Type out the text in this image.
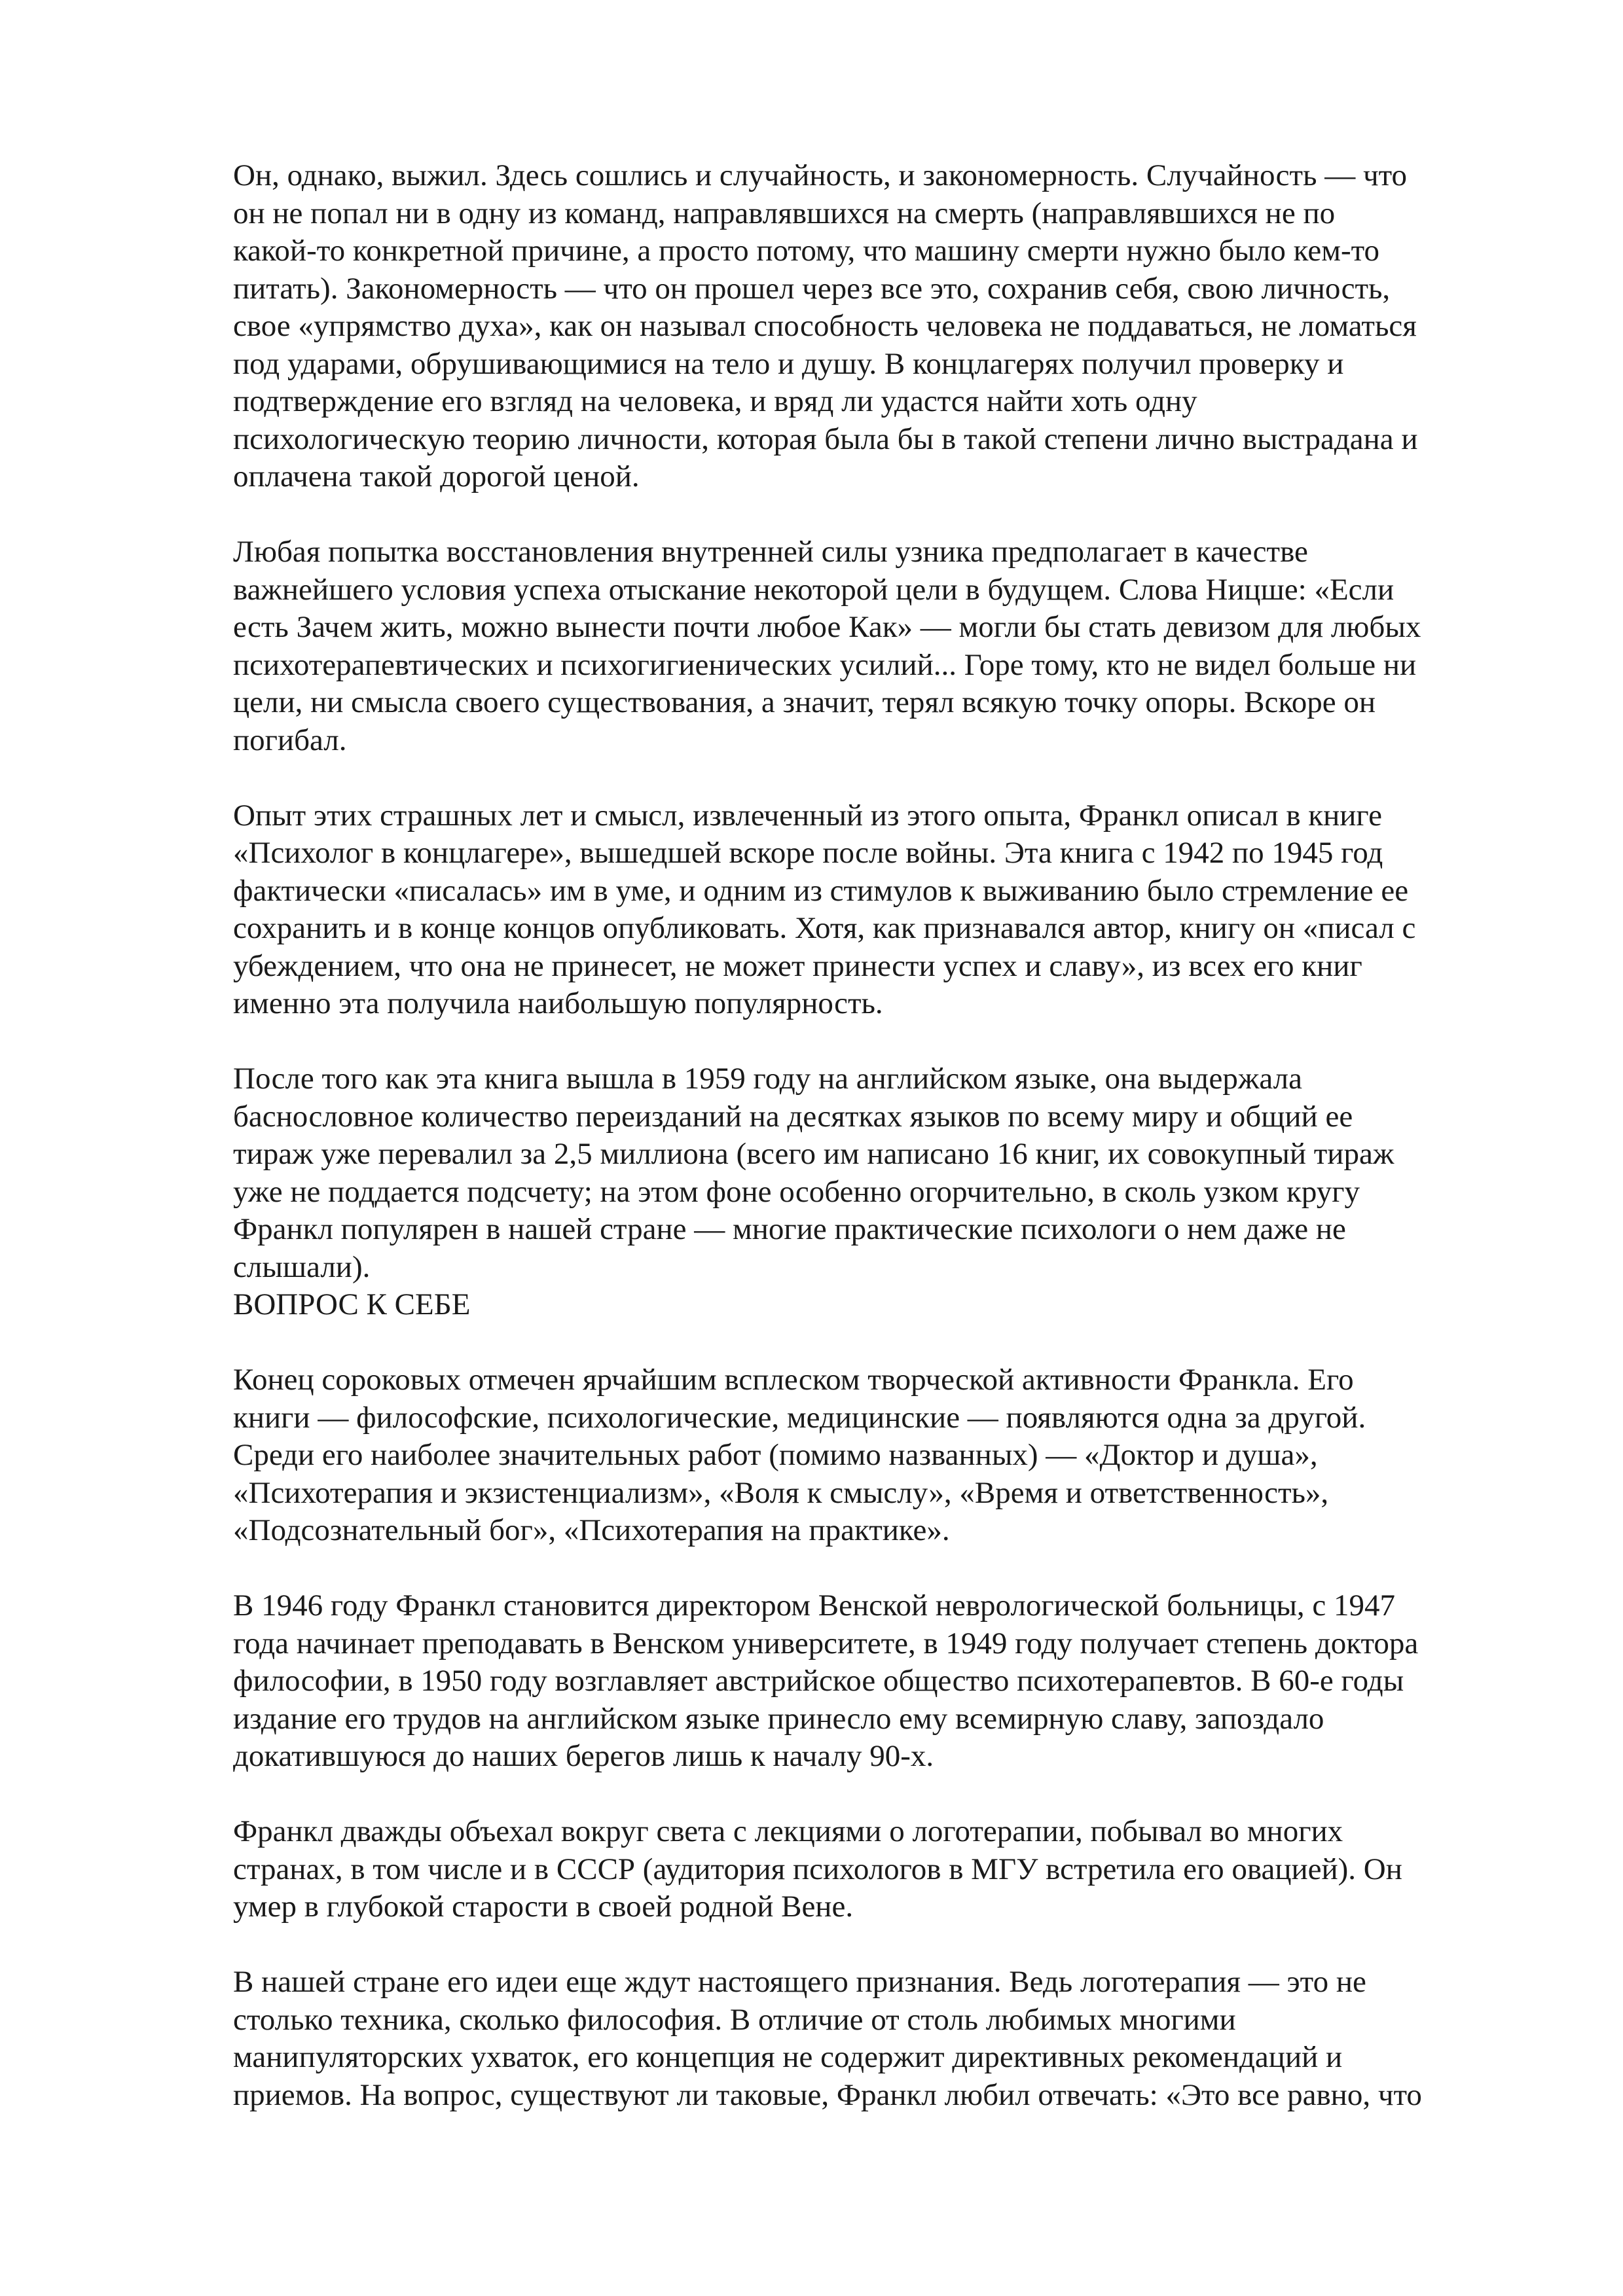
Он, однако, выжил. Здесь сошлись и случайность, и закономерность. Случайность — что
он не попал ни в одну из команд, направлявшихся на смерть (направлявшихся не по
какой-то конкретной причине, а просто потому, что машину смерти нужно было кем-то
питать). Закономерность — что он прошел через все это, сохранив себя, свою личность,
свое «упрямство духа», как он называл способность человека не поддаваться, не ломаться
под ударами, обрушивающимися на тело и душу. В концлагерях получил проверку и
подтверждение его взгляд на человека, и вряд ли удастся найти хоть одну
психологическую теорию личности, которая была бы в такой степени лично выстрадана и
оплачена такой дорогой ценой.
Любая попытка восстановления внутренней силы узника предполагает в качестве
важнейшего условия успеха отыскание некоторой цели в будущем. Слова Ницше: «Если
есть Зачем жить, можно вынести почти любое Как» — могли бы стать девизом для любых
психотерапевтических и психогигиенических усилий... Горе тому, кто не видел больше ни
цели, ни смысла своего существования, а значит, терял всякую точку опоры. Вскоре он
погибал.
Опыт этих страшных лет и смысл, извлеченный из этого опыта, Франкл описал в книге
«Психолог в концлагере», вышедшей вскоре после войны. Эта книга с 1942 по 1945 год
фактически «писалась» им в уме, и одним из стимулов к выживанию было стремление ее
сохранить и в конце концов опубликовать. Хотя, как признавался автор, книгу он «писал с
убеждением, что она не принесет, не может принести успех и славу», из всех его книг
именно эта получила наибольшую популярность.
После того как эта книга вышла в 1959 году на английском языке, она выдержала
баснословное количество переизданий на десятках языков по всему миру и общий ее
тираж уже перевалил за 2,5 миллиона (всего им написано 16 книг, их совокупный тираж
уже не поддается подсчету; на этом фоне особенно огорчительно, в сколь узком кругу
Франкл популярен в нашей стране — многие практические психологи о нем даже не
слышали).
ВОПРОС К СЕБЕ
Конец сороковых отмечен ярчайшим всплеском творческой активности Франкла. Его
книги — философские, психологические, медицинские — появляются одна за другой.
Среди его наиболее значительных работ (помимо названных) — «Доктор и душа»,
«Психотерапия и экзистенциализм», «Воля к смыслу», «Время и ответственность»,
«Подсознательный бог», «Психотерапия на практике».
В 1946 году Франкл становится директором Венской неврологической больницы, с 1947
года начинает преподавать в Венском университете, в 1949 году получает степень доктора
философии, в 1950 году возглавляет австрийское общество психотерапевтов. В 60-е годы
издание его трудов на английском языке принесло ему всемирную славу, запоздало
докатившуюся до наших берегов лишь к началу 90-х.
Франкл дважды объехал вокруг света с лекциями о логотерапии, побывал во многих
странах, в том числе и в СССР (аудитория психологов в МГУ встретила его овацией). Он
умер в глубокой старости в своей родной Вене.
В нашей стране его идеи еще ждут настоящего признания. Ведь логотерапия — это не
столько техника, сколько философия. В отличие от столь любимых многими
манипуляторских ухваток, его концепция не содержит директивных рекомендаций и
приемов. На вопрос, существуют ли таковые, Франкл любил отвечать: «Это все равно, что
